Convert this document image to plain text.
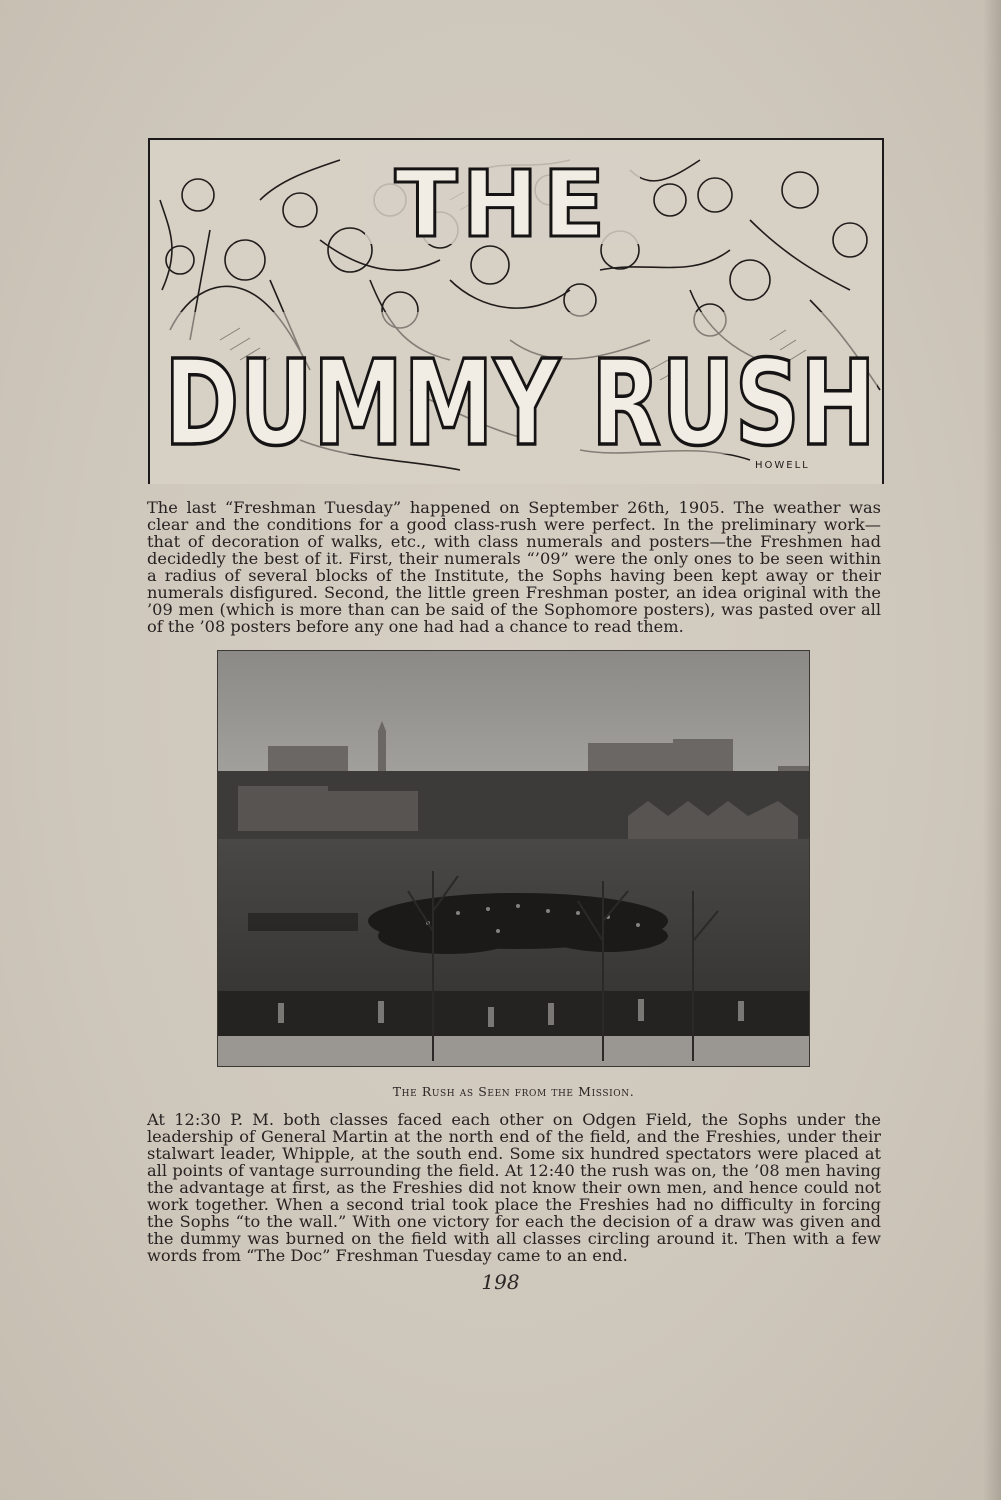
THE
DUMMY RUSH
HOWELL

The last “Freshman Tuesday” happened on September 26th, 1905. The weather was clear and the conditions for a good class-rush were perfect. In the preliminary work—that of decoration of walks, etc., with class numerals and posters—the Freshmen had decidedly the best of it. First, their numerals “’09” were the only ones to be seen within a radius of several blocks of the Institute, the Sophs having been kept away or their numerals disfigured. Second, the little green Freshman poster, an idea original with the ’09 men (which is more than can be said of the Sophomore posters), was pasted over all of the ’08 posters before any one had had a chance to read them.

The Rush as Seen from the Mission.

At 12:30 P. M. both classes faced each other on Odgen Field, the Sophs under the leadership of General Martin at the north end of the field, and the Freshies, under their stalwart leader, Whipple, at the south end. Some six hundred spectators were placed at all points of vantage surrounding the field. At 12:40 the rush was on, the ’08 men having the advantage at first, as the Freshies did not know their own men, and hence could not work together. When a second trial took place the Freshies had no difficulty in forcing the Sophs “to the wall.” With one victory for each the decision of a draw was given and the dummy was burned on the field with all classes circling around it. Then with a few words from “The Doc” Freshman Tuesday came to an end.

198
